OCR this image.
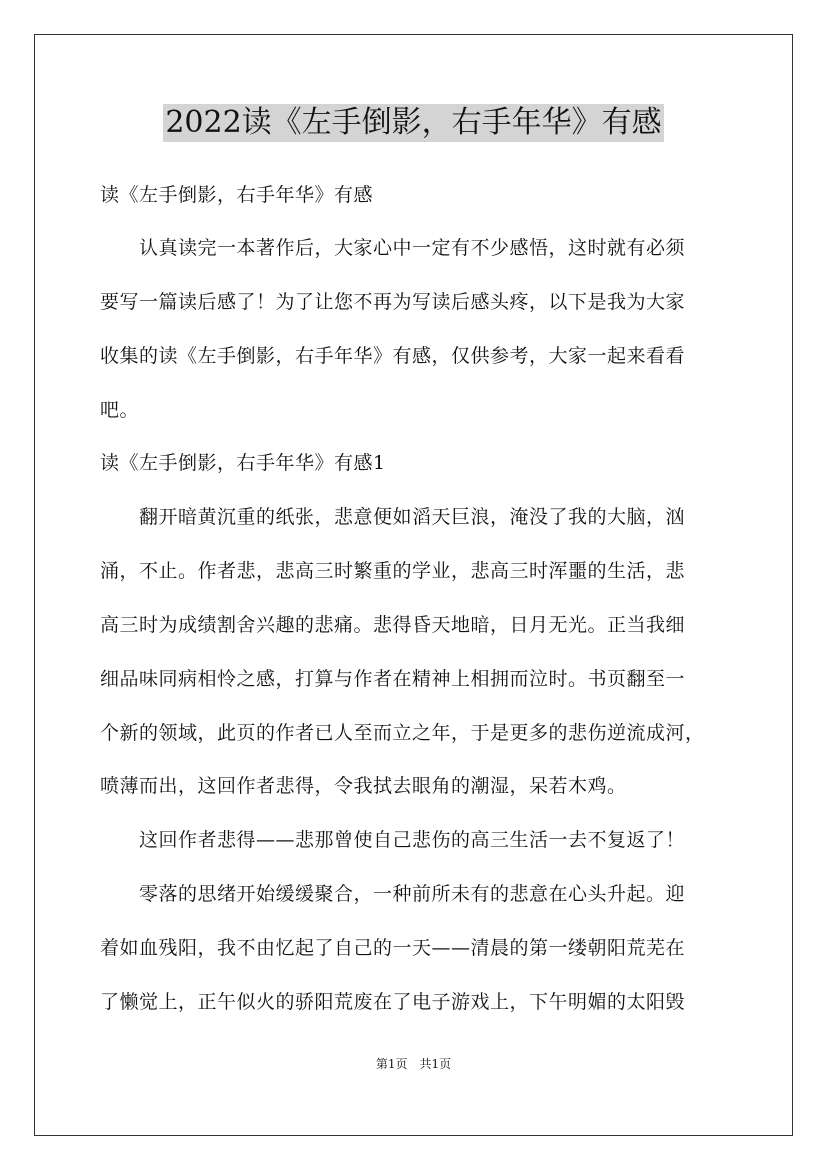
2022读《左手倒影，右手年华》有感
读《左手倒影，右手年华》有感
　　认真读完一本著作后，大家心中一定有不少感悟，这时就有必须
要写一篇读后感了！为了让您不再为写读后感头疼，以下是我为大家
收集的读《左手倒影，右手年华》有感，仅供参考，大家一起来看看
吧。
读《左手倒影，右手年华》有感1
　　翻开暗黄沉重的纸张，悲意便如滔天巨浪，淹没了我的大脑，汹
涌，不止。作者悲，悲高三时繁重的学业，悲高三时浑噩的生活，悲
高三时为成绩割舍兴趣的悲痛。悲得昏天地暗，日月无光。正当我细
细品味同病相怜之感，打算与作者在精神上相拥而泣时。书页翻至一
个新的领域，此页的作者已人至而立之年，于是更多的悲伤逆流成河，
喷薄而出，这回作者悲得，令我拭去眼角的潮湿，呆若木鸡。
　　这回作者悲得——悲那曾使自己悲伤的高三生活一去不复返了！
　　零落的思绪开始缓缓聚合，一种前所未有的悲意在心头升起。迎
着如血残阳，我不由忆起了自己的一天——清晨的第一缕朝阳荒芜在
了懒觉上，正午似火的骄阳荒废在了电子游戏上，下午明媚的太阳毁
第1页　共1页
